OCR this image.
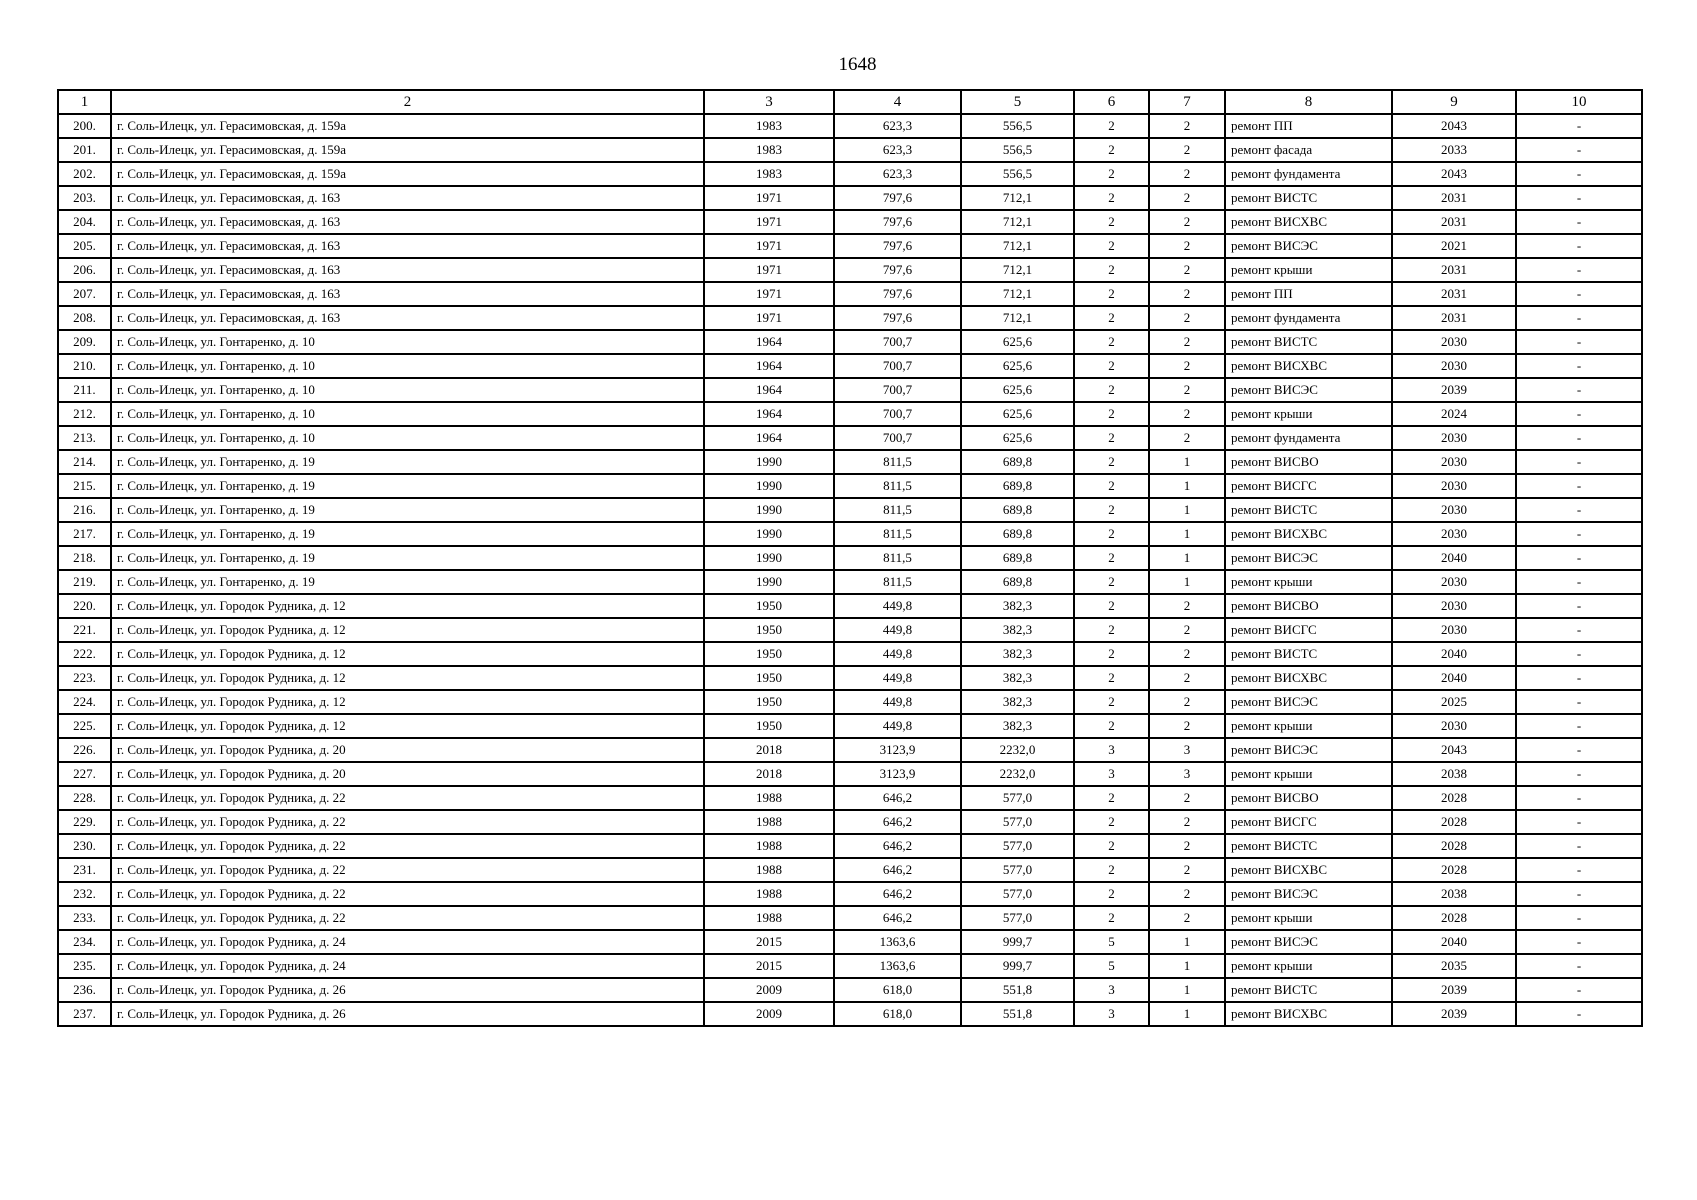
1648
1	2	3	4	5	6	7	8	9	10
200.	г. Соль-Илецк, ул. Герасимовская, д. 159а	1983	623,3	556,5	2	2	ремонт ПП	2043	-
201.	г. Соль-Илецк, ул. Герасимовская, д. 159а	1983	623,3	556,5	2	2	ремонт фасада	2033	-
202.	г. Соль-Илецк, ул. Герасимовская, д. 159а	1983	623,3	556,5	2	2	ремонт фундамента	2043	-
203.	г. Соль-Илецк, ул. Герасимовская, д. 163	1971	797,6	712,1	2	2	ремонт ВИСТС	2031	-
204.	г. Соль-Илецк, ул. Герасимовская, д. 163	1971	797,6	712,1	2	2	ремонт ВИСХВС	2031	-
205.	г. Соль-Илецк, ул. Герасимовская, д. 163	1971	797,6	712,1	2	2	ремонт ВИСЭС	2021	-
206.	г. Соль-Илецк, ул. Герасимовская, д. 163	1971	797,6	712,1	2	2	ремонт крыши	2031	-
207.	г. Соль-Илецк, ул. Герасимовская, д. 163	1971	797,6	712,1	2	2	ремонт ПП	2031	-
208.	г. Соль-Илецк, ул. Герасимовская, д. 163	1971	797,6	712,1	2	2	ремонт фундамента	2031	-
209.	г. Соль-Илецк, ул. Гонтаренко, д. 10	1964	700,7	625,6	2	2	ремонт ВИСТС	2030	-
210.	г. Соль-Илецк, ул. Гонтаренко, д. 10	1964	700,7	625,6	2	2	ремонт ВИСХВС	2030	-
211.	г. Соль-Илецк, ул. Гонтаренко, д. 10	1964	700,7	625,6	2	2	ремонт ВИСЭС	2039	-
212.	г. Соль-Илецк, ул. Гонтаренко, д. 10	1964	700,7	625,6	2	2	ремонт крыши	2024	-
213.	г. Соль-Илецк, ул. Гонтаренко, д. 10	1964	700,7	625,6	2	2	ремонт фундамента	2030	-
214.	г. Соль-Илецк, ул. Гонтаренко, д. 19	1990	811,5	689,8	2	1	ремонт ВИСВО	2030	-
215.	г. Соль-Илецк, ул. Гонтаренко, д. 19	1990	811,5	689,8	2	1	ремонт ВИСГС	2030	-
216.	г. Соль-Илецк, ул. Гонтаренко, д. 19	1990	811,5	689,8	2	1	ремонт ВИСТС	2030	-
217.	г. Соль-Илецк, ул. Гонтаренко, д. 19	1990	811,5	689,8	2	1	ремонт ВИСХВС	2030	-
218.	г. Соль-Илецк, ул. Гонтаренко, д. 19	1990	811,5	689,8	2	1	ремонт ВИСЭС	2040	-
219.	г. Соль-Илецк, ул. Гонтаренко, д. 19	1990	811,5	689,8	2	1	ремонт крыши	2030	-
220.	г. Соль-Илецк, ул. Городок Рудника, д. 12	1950	449,8	382,3	2	2	ремонт ВИСВО	2030	-
221.	г. Соль-Илецк, ул. Городок Рудника, д. 12	1950	449,8	382,3	2	2	ремонт ВИСГС	2030	-
222.	г. Соль-Илецк, ул. Городок Рудника, д. 12	1950	449,8	382,3	2	2	ремонт ВИСТС	2040	-
223.	г. Соль-Илецк, ул. Городок Рудника, д. 12	1950	449,8	382,3	2	2	ремонт ВИСХВС	2040	-
224.	г. Соль-Илецк, ул. Городок Рудника, д. 12	1950	449,8	382,3	2	2	ремонт ВИСЭС	2025	-
225.	г. Соль-Илецк, ул. Городок Рудника, д. 12	1950	449,8	382,3	2	2	ремонт крыши	2030	-
226.	г. Соль-Илецк, ул. Городок Рудника, д. 20	2018	3123,9	2232,0	3	3	ремонт ВИСЭС	2043	-
227.	г. Соль-Илецк, ул. Городок Рудника, д. 20	2018	3123,9	2232,0	3	3	ремонт крыши	2038	-
228.	г. Соль-Илецк, ул. Городок Рудника, д. 22	1988	646,2	577,0	2	2	ремонт ВИСВО	2028	-
229.	г. Соль-Илецк, ул. Городок Рудника, д. 22	1988	646,2	577,0	2	2	ремонт ВИСГС	2028	-
230.	г. Соль-Илецк, ул. Городок Рудника, д. 22	1988	646,2	577,0	2	2	ремонт ВИСТС	2028	-
231.	г. Соль-Илецк, ул. Городок Рудника, д. 22	1988	646,2	577,0	2	2	ремонт ВИСХВС	2028	-
232.	г. Соль-Илецк, ул. Городок Рудника, д. 22	1988	646,2	577,0	2	2	ремонт ВИСЭС	2038	-
233.	г. Соль-Илецк, ул. Городок Рудника, д. 22	1988	646,2	577,0	2	2	ремонт крыши	2028	-
234.	г. Соль-Илецк, ул. Городок Рудника, д. 24	2015	1363,6	999,7	5	1	ремонт ВИСЭС	2040	-
235.	г. Соль-Илецк, ул. Городок Рудника, д. 24	2015	1363,6	999,7	5	1	ремонт крыши	2035	-
236.	г. Соль-Илецк, ул. Городок Рудника, д. 26	2009	618,0	551,8	3	1	ремонт ВИСТС	2039	-
237.	г. Соль-Илецк, ул. Городок Рудника, д. 26	2009	618,0	551,8	3	1	ремонт ВИСХВС	2039	-
